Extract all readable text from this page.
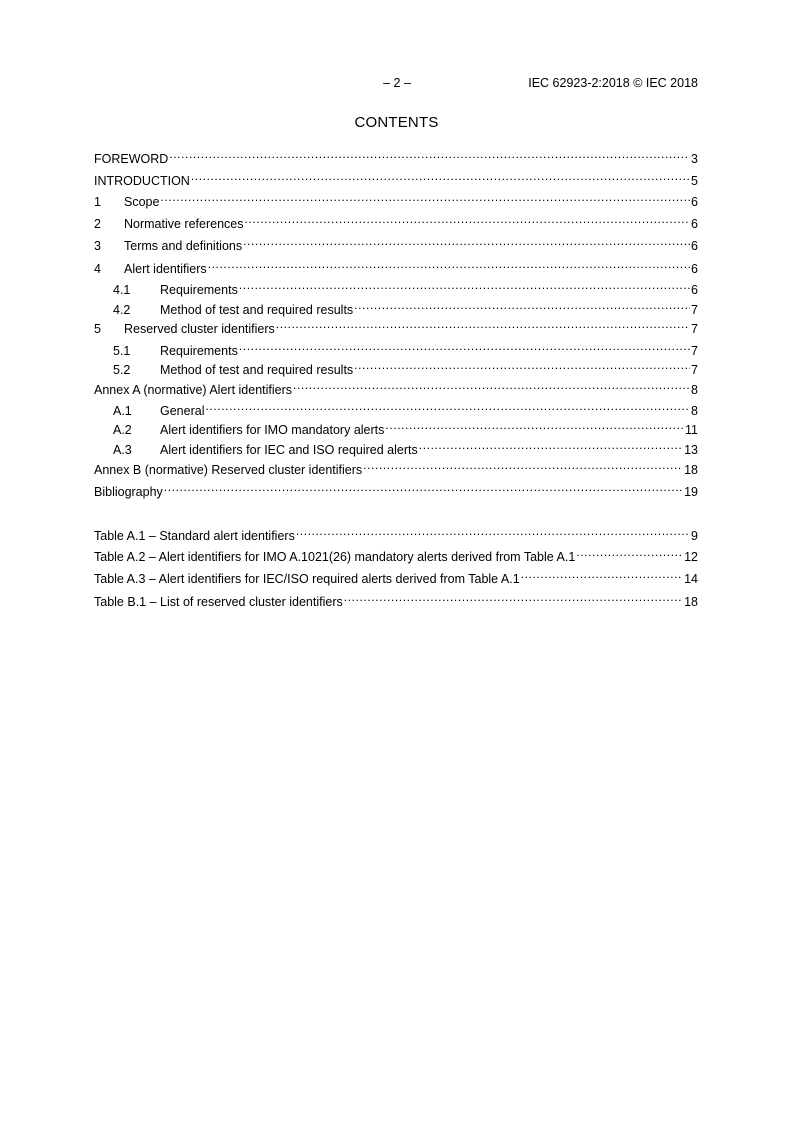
– 2 –	IEC 62923-2:2018 © IEC 2018
CONTENTS
FOREWORD .....	3
INTRODUCTION .....	5
1	Scope .....	6
2	Normative references .....	6
3	Terms and definitions .....	6
4	Alert identifiers .....	6
4.1	Requirements .....	6
4.2	Method of test and required results .....	7
5	Reserved cluster identifiers .....	7
5.1	Requirements .....	7
5.2	Method of test and required results .....	7
Annex A (normative) Alert identifiers .....	8
A.1	General .....	8
A.2	Alert identifiers for IMO mandatory alerts .....	11
A.3	Alert identifiers for IEC and ISO required alerts .....	13
Annex B (normative) Reserved cluster identifiers .....	18
Bibliography .....	19
Table A.1 – Standard alert identifiers .....	9
Table A.2 – Alert identifiers for IMO A.1021(26) mandatory alerts derived from Table A.1 .....	12
Table A.3 – Alert identifiers for IEC/ISO required alerts derived from Table A.1 .....	14
Table B.1 – List of reserved cluster identifiers .....	18
